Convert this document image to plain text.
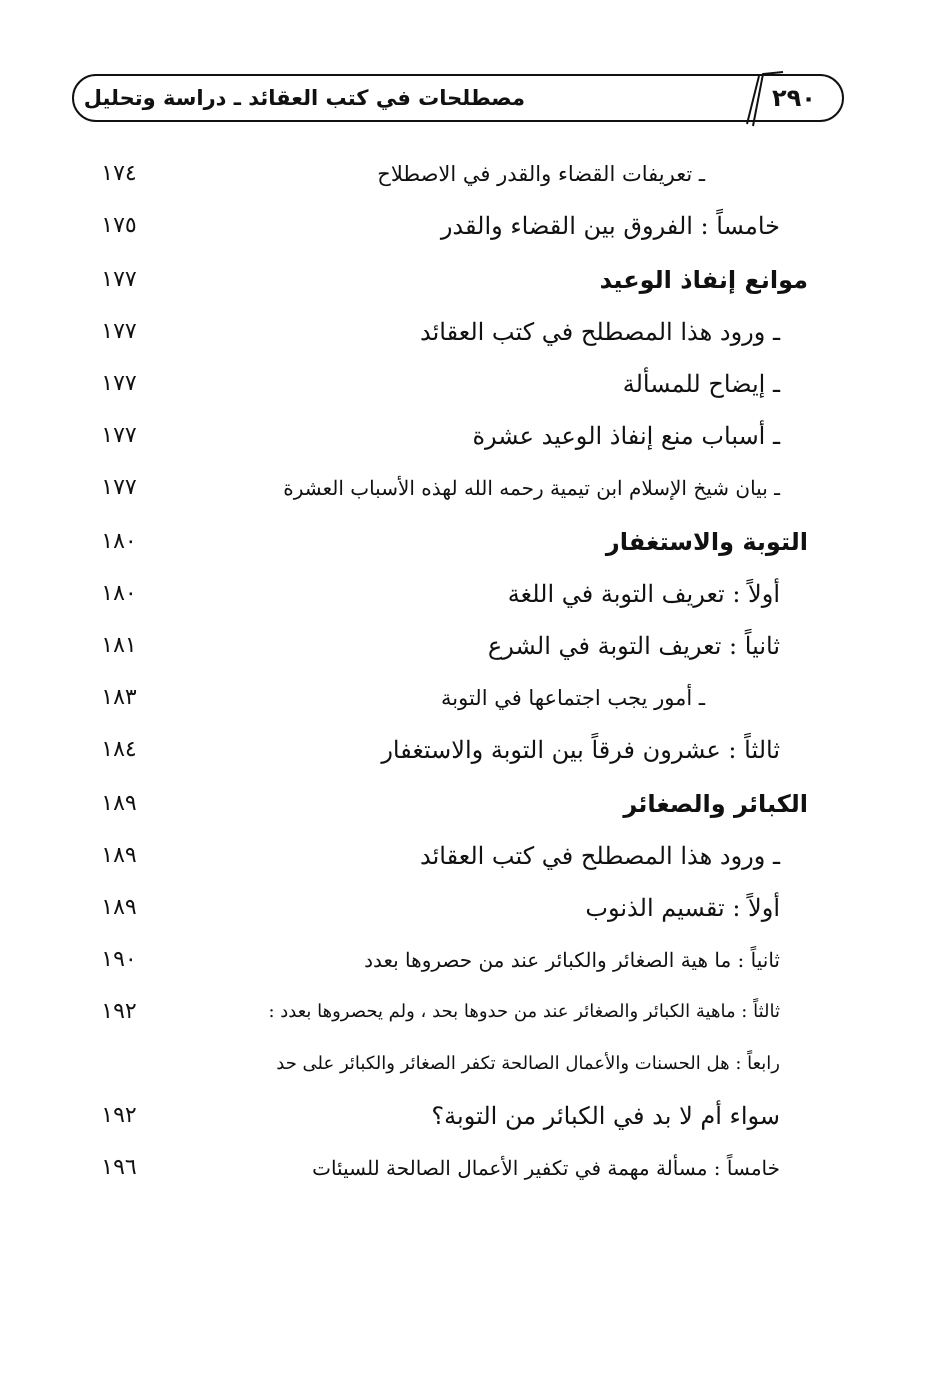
مصطلحات في كتب العقائد ـ دراسة وتحليل	٢٩٠
ـ تعريفات القضاء والقدر في الاصطلاح
١٧٤
خامساً : الفروق بين القضاء والقدر
١٧٥
موانع إنفاذ الوعيد
١٧٧
ـ ورود هذا المصطلح في كتب العقائد
١٧٧
ـ إيضاح للمسألة
١٧٧
ـ أسباب منع إنفاذ الوعيد عشرة
١٧٧
ـ بيان شيخ الإسلام ابن تيمية رحمه الله لهذه الأسباب العشرة
١٧٧
التوبة والاستغفار
١٨٠
أولاً : تعريف التوبة في اللغة
١٨٠
ثانياً : تعريف التوبة في الشرع
١٨١
ـ أمور يجب اجتماعها في التوبة
١٨٣
ثالثاً : عشرون فرقاً بين التوبة والاستغفار
١٨٤
الكبائر والصغائر
١٨٩
ـ ورود هذا المصطلح في كتب العقائد
١٨٩
أولاً : تقسيم الذنوب
١٨٩
ثانياً : ما هية الصغائر والكبائر عند من حصروها بعدد
١٩٠
ثالثاً : ماهية الكبائر والصغائر عند من حدوها بحد ، ولم يحصروها بعدد :
١٩٢
رابعاً : هل الحسنات والأعمال الصالحة تكفر الصغائر والكبائر على حد
سواء أم لا بد في الكبائر من التوبة؟
١٩٢
خامساً : مسألة مهمة في تكفير الأعمال الصالحة للسيئات
١٩٦
